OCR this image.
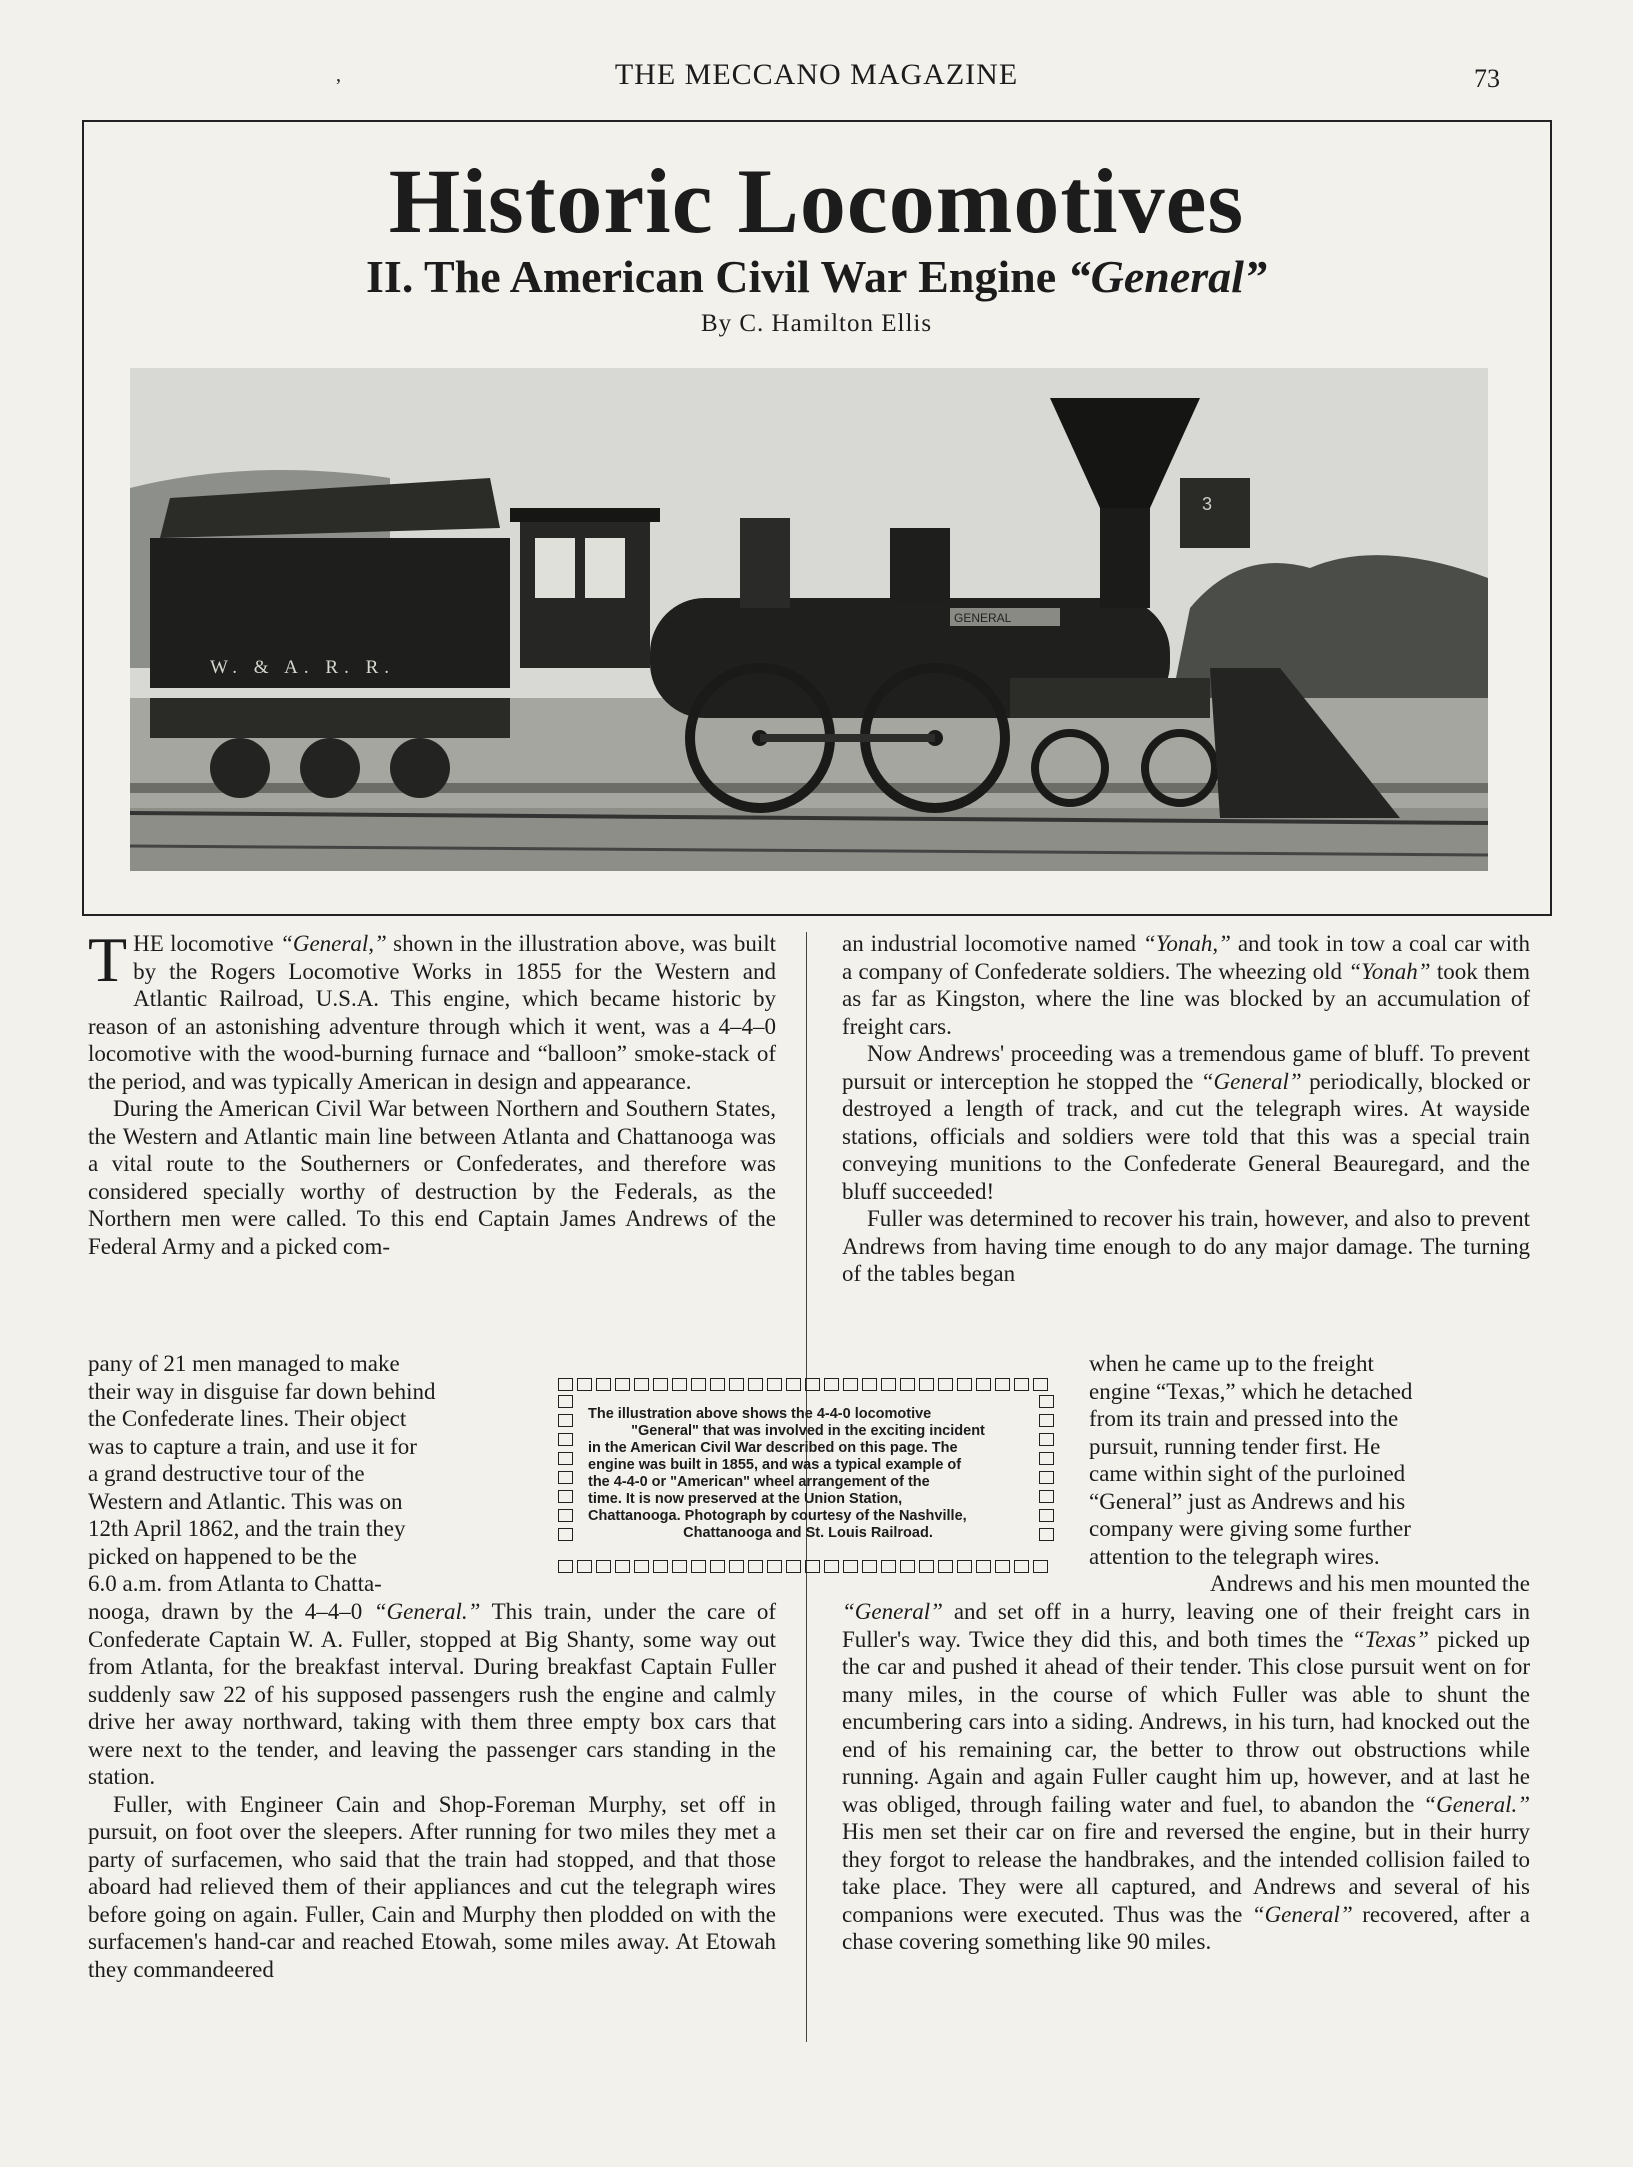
,	THE MECCANO MAGAZINE	73
Historic Locomotives
II. The American Civil War Engine “General”
By C. Hamilton Ellis
W. & A. R. R.
GENERAL
3

THE locomotive “General,” shown in the illustration above, was built by the Rogers Locomotive Works in 1855 for the Western and Atlantic Railroad, U.S.A. This engine, which became historic by reason of an astonishing adventure through which it went, was a 4–4–0 locomotive with the wood-burning furnace and “balloon” smoke-stack of the period, and was typically American in design and appearance.

During the American Civil War between Northern and Southern States, the Western and Atlantic main line between Atlanta and Chattanooga was a vital route to the Southerners or Confederates, and therefore was considered specially worthy of destruction by the Federals, as the Northern men were called. To this end Captain James Andrews of the Federal Army and a picked com-

pany of 21 men managed to make
their way in disguise far down behind
the Confederate lines. Their object
was to capture a train, and use it for
a grand destructive tour of the
Western and Atlantic. This was on
12th April 1862, and the train they
picked on happened to be the
6.0 a.m. from Atlanta to Chatta-

nooga, drawn by the 4–4–0 “General.” This train, under the care of Confederate Captain W. A. Fuller, stopped at Big Shanty, some way out from Atlanta, for the breakfast interval. During breakfast Captain Fuller suddenly saw 22 of his supposed passengers rush the engine and calmly drive her away northward, taking with them three empty box cars that were next to the tender, and leaving the passenger cars standing in the station.

Fuller, with Engineer Cain and Shop-Foreman Murphy, set off in pursuit, on foot over the sleepers. After running for two miles they met a party of surfacemen, who said that the train had stopped, and that those aboard had relieved them of their appliances and cut the telegraph wires before going on again. Fuller, Cain and Murphy then plodded on with the surfacemen's hand-car and reached Etowah, some miles away. At Etowah they commandeered

The illustration above shows the 4-4-0 locomotive
"General" that was involved in the exciting incident
in the American Civil War described on this page. The
engine was built in 1855, and was a typical example of
the 4-4-0 or "American" wheel arrangement of the
time. It is now preserved at the Union Station,
Chattanooga. Photograph by courtesy of the Nashville,
Chattanooga and St. Louis Railroad.

an industrial locomotive named “Yonah,” and took in tow a coal car with a company of Confederate soldiers. The wheezing old “Yonah” took them as far as Kingston, where the line was blocked by an accumulation of freight cars.

Now Andrews' proceeding was a tremendous game of bluff. To prevent pursuit or interception he stopped the “General” periodically, blocked or destroyed a length of track, and cut the telegraph wires. At wayside stations, officials and soldiers were told that this was a special train conveying munitions to the Confederate General Beauregard, and the bluff succeeded!

Fuller was determined to recover his train, however, and also to prevent Andrews from having time enough to do any major damage. The turning of the tables began

when he came up to the freight
engine “Texas,” which he detached
from its train and pressed into the
pursuit, running tender first. He
came within sight of the purloined
“General” just as Andrews and his
company were giving some further
attention to the telegraph wires.
Andrews and his men mounted the

“General” and set off in a hurry, leaving one of their freight cars in Fuller's way. Twice they did this, and both times the “Texas” picked up the car and pushed it ahead of their tender. This close pursuit went on for many miles, in the course of which Fuller was able to shunt the encumbering cars into a siding. Andrews, in his turn, had knocked out the end of his remaining car, the better to throw out obstructions while running. Again and again Fuller caught him up, however, and at last he was obliged, through failing water and fuel, to abandon the “General.” His men set their car on fire and reversed the engine, but in their hurry they forgot to release the handbrakes, and the intended collision failed to take place. They were all captured, and Andrews and several of his companions were executed. Thus was the “General” recovered, after a chase covering something like 90 miles.
